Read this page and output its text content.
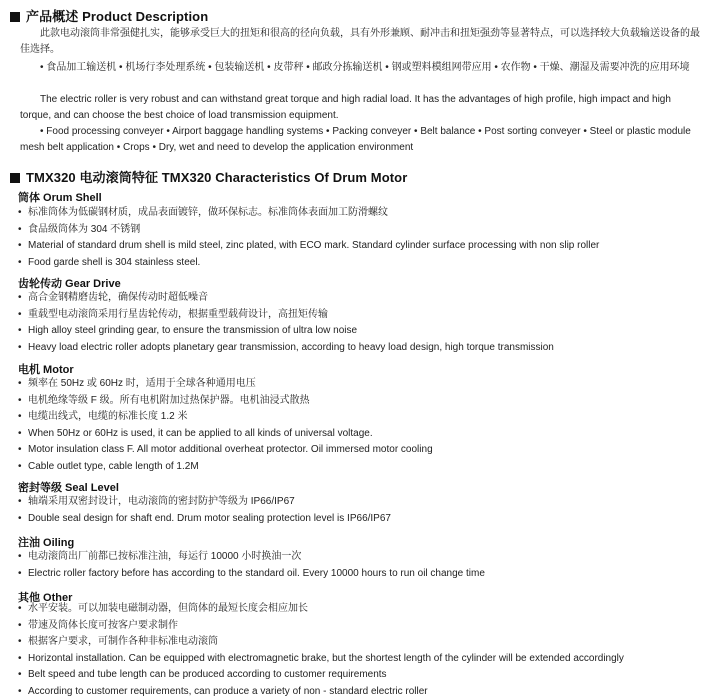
产品概述 Product Description
此款电动滚筒非常强健扎实，能够承受巨大的扭矩和很高的径向负载，具有外形兼顾、耐冲击和扭矩强劲等显著特点，可以选择较大负载输送设备的最佳选择。
• 食品加工输送机 • 机场行李处理系统 • 包装输送机 • 皮带秤 • 邮政分拣输送机 • 钢或塑料模组网带应用 • 农作物 • 干燥、潮湿及需要冲洗的应用环境
The electric roller is very robust and can withstand great torque and high radial load. It has the advantages of high profile, high impact and high torque, and can choose the best choice of load transmission equipment.
• Food processing conveyer • Airport baggage handling systems • Packing conveyer • Belt balance • Post sorting conveyer • Steel or plastic module mesh belt application • Crops • Dry, wet and need to develop the application environment
TMX320 电动滚筒特征 TMX320 Characteristics Of Drum Motor
筒体 Orum Shell
• 标准筒体为低碳钢材质，成品表面镀锌，做环保标志。标准筒体表面加工防滑螺纹
• 食品级筒体为 304 不锈钢
• Material of standard drum shell is mild steel, zinc plated, with ECO mark. Standard cylinder surface processing with non slip roller
• Food garde shell is 304 stainless steel.
齿轮传动 Gear Drive
• 高合金钢精磨齿轮，确保传动时超低噪音
• 重载型电动滚筒采用行星齿轮传动，根据重型载荷设计，高扭矩传输
• High alloy steel grinding gear, to ensure the transmission of ultra low noise
• Heavy load electric roller adopts planetary gear transmission, according to heavy load design, high torque transmission
电机 Motor
• 频率在 50Hz 或 60Hz 时，适用于全球各种通用电压
• 电机绝缘等级 F 级。所有电机附加过热保护器。电机油浸式散热
• 电缆出线式，电缆的标准长度 1.2 米
• When 50Hz or 60Hz is used, it can be applied to all kinds of universal voltage.
• Motor insulation class F. All motor additional overheat protector. Oil immersed motor cooling
• Cable outlet type, cable length of 1.2M
密封等级 Seal Level
• 轴端采用双密封设计，电动滚筒的密封防护等级为 IP66/IP67
• Double seal design for shaft end. Drum motor sealing protection level is IP66/IP67
注油 Oiling
• 电动滚筒出厂前都已按标准注油，每运行 10000 小时换油一次
• Electric roller factory before has according to the standard oil. Every 10000 hours to run oil change time
其他 Other
• 水平安装。可以加装电磁制动器，但筒体的最短长度会相应加长
• 带速及筒体长度可按客户要求制作
• 根据客户要求，可制作各种非标准电动滚筒
• Horizontal installation. Can be equipped with electromagnetic brake, but the shortest length of the cylinder will be extended accordingly
• Belt speed and tube length can be produced according to customer requirements
• According to customer requirements, can produce a variety of non - standard electric roller
